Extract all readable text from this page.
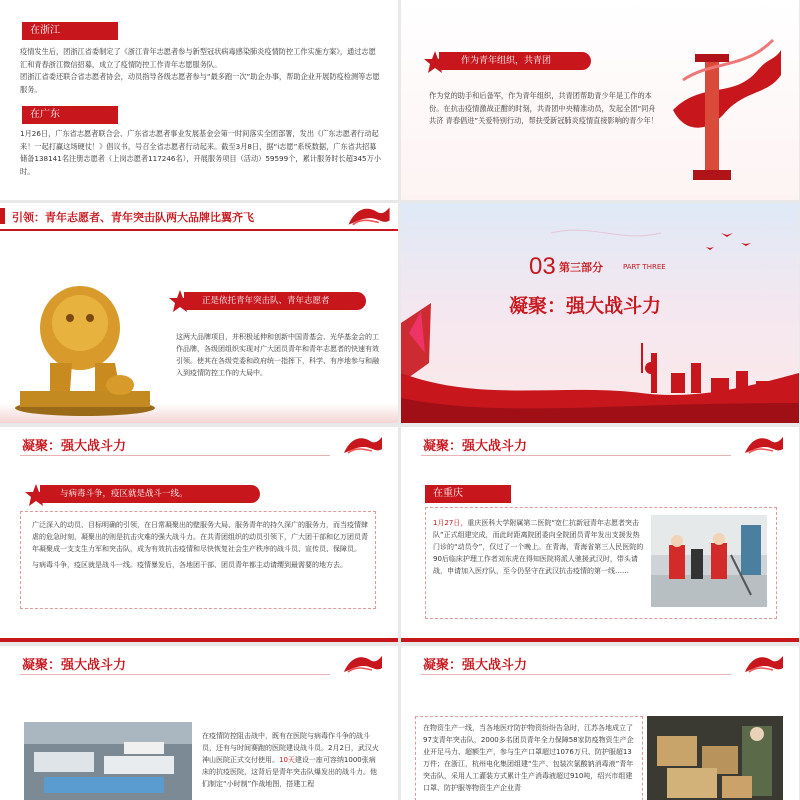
在浙江

疫情发生后，团浙江省委制定了《浙江青年志愿者参与新型冠状病毒感染肺炎疫情防控工作实施方案》，通过志愿汇和青春浙江微信招募，成立了疫情防控工作青年志愿服务队。

团浙江省委还联合省志愿者协会，动员指导各级志愿者参与“最多跑一次”助企办事，帮助企业开展防疫检测等志愿服务。

在广东
1月26日，广东省志愿者联合会、广东省志愿者事业发展基金会第一时间落实全团部署，发出《广东志愿者行动起来！一起打赢这场硬仗！》倡议书，号召全省志愿者行动起来。截至3月8日，据“i志愿”系统数据，广东省共招募储备138141名注册志愿者（上岗志愿者117246名），开展服务项目（活动）59599个，累计服务时长超345万小时。
作为青年组织，共青团
作为党的助手和后备军，作为青年组织，共青团帮助青少年是工作的本份。在抗击疫情激战正酣的时刻，共青团中央精准动员，发起全团“同舟共济 青春倡进”关爱特别行动，帮扶受新冠肺炎疫情直接影响的青少年！
引领：青年志愿者、青年突击队两大品牌比翼齐飞
正是依托青年突击队、青年志愿者
这两大品牌项目，并积极延伸和创新中国青基会、光华基金会的工作品牌，各级团组织实现对广大团员青年和青年志愿者的快速有效引领。使其在各级党委和政府统一指挥下，科学、有序地参与和融入到疫情防控工作的大局中。
03 第三部分	PART THREE
凝聚：强大战斗力
凝聚：强大战斗力
与病毒斗争，疫区就是战斗一线。

广泛深入的动员、目标明确的引领，在日常凝聚出的壁服务大局、服务青年的持久深广的服务力，而当疫情肆虐的危急时刻，凝聚出的则是抗击灾难的强大战斗力。在共青团组织的动员引领下，广大团干部和亿万团员青年凝聚成一支支生力军和突击队，成为有效抗击疫情和尽快恢复社会生产秩序的战斗员、宣传员、保障员。

与病毒斗争，疫区就是战斗一线。疫情暴发后，各地团干部、团员青年都主动请缨到最需要的地方去。

凝聚：强大战斗力
在重庆
1月27日，重庆医科大学附属第二医院“宽仁抗新冠青年志愿者突击队”正式组建完成，而此时距离院团委向全院团员青年发出支援发热门诊的“动员令”，仅过了一个晚上。在青海，青海省第三人民医院的90后临床护理工作者刘东虎在得知医院将派人驰援武汉时，带头请战，申请加入医疗队，至今仍坚守在武汉抗击疫情的第一线……
凝聚：强大战斗力
在疫情防控阻击战中，既有在医院与病毒作斗争的战斗员，还有与时间赛跑的医院建设战斗员。2月2日，武汉火神山医院正式交付使用。10天建设一座可容纳1000张病床的抗疫医院，这背后是青年突击队爆发出的战斗力。他们制定“小时制”作战地图，搭建工程
凝聚：强大战斗力
在物资生产一线，当各地医疗防护物资纷纷告急时，江苏各地成立了97支青年突击队，2000多名团员青年全力保障58家防疫物资生产企业开足马力、超额生产，参与生产口罩超过1076万只、防护服超13万件；在浙江，杭州电化集团组建“生产、包装次氯酸钠消毒液”青年突击队，采用人工灌装方式累计生产消毒液超过910吨，绍兴市组建口罩、防护服等物资生产企业青
